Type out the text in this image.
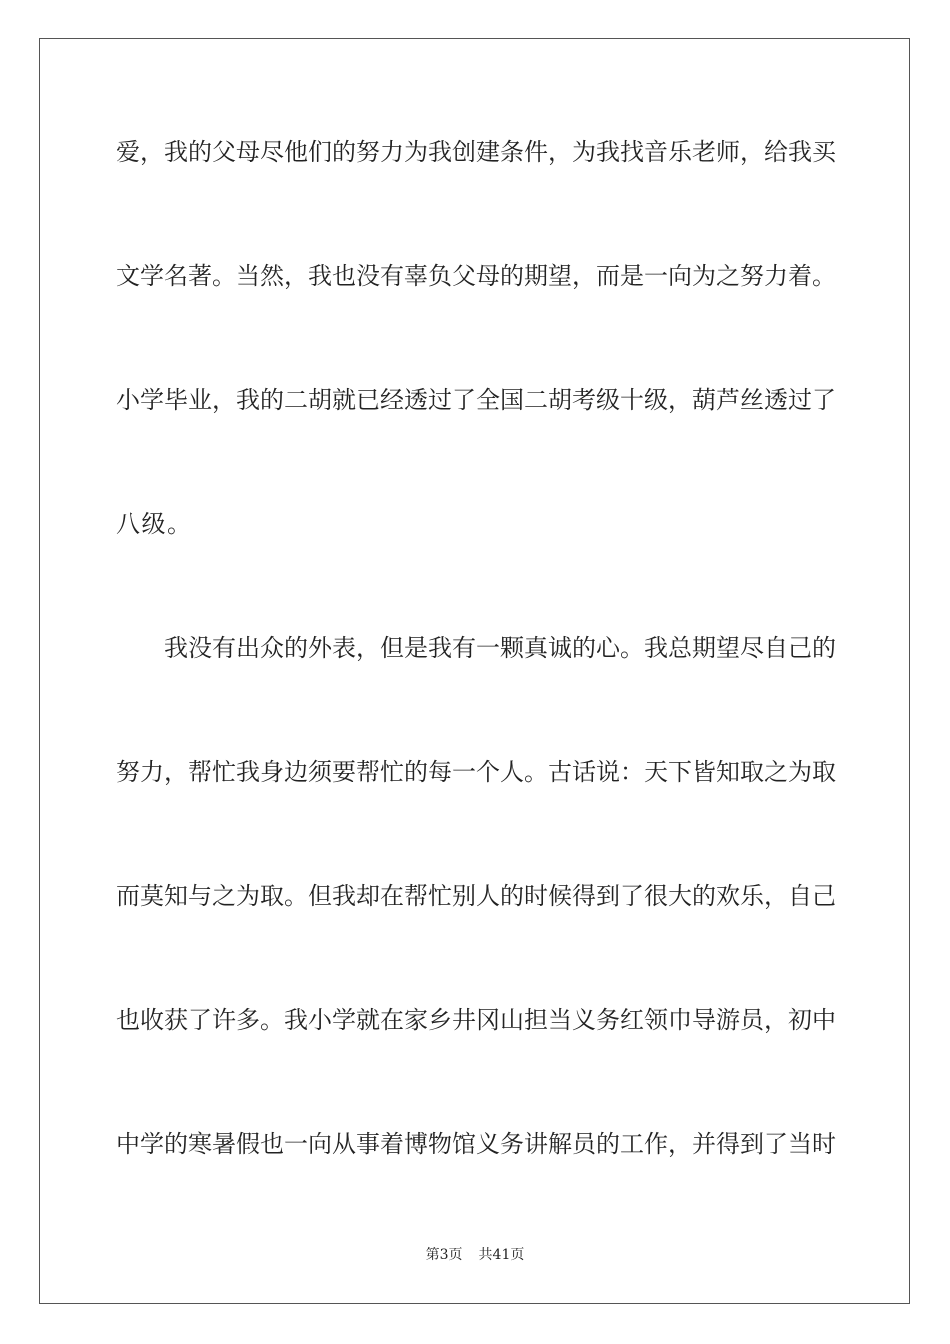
爱，我的父母尽他们的努力为我创建条件，为我找音乐老师，给我买
文学名著。当然，我也没有辜负父母的期望，而是一向为之努力着。
小学毕业，我的二胡就已经透过了全国二胡考级十级，葫芦丝透过了
八级。
我没有出众的外表，但是我有一颗真诚的心。我总期望尽自己的
努力，帮忙我身边须要帮忙的每一个人。古话说：天下皆知取之为取
而莫知与之为取。但我却在帮忙别人的时候得到了很大的欢乐，自己
也收获了许多。我小学就在家乡井冈山担当义务红领巾导游员，初中
中学的寒暑假也一向从事着博物馆义务讲解员的工作，并得到了当时
第3页 共41页
